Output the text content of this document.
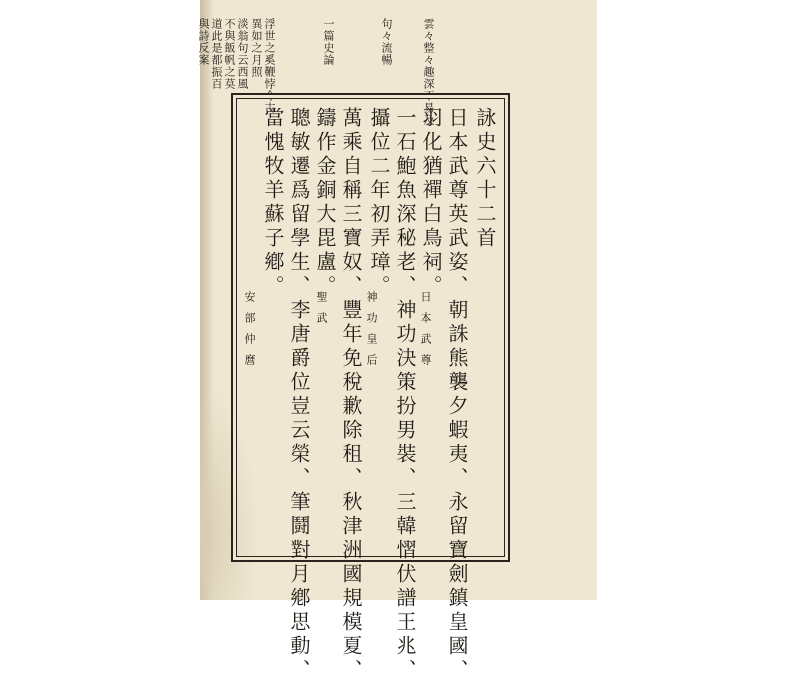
雲々整々趣深不易及
句々流暢
一篇史論
浮世之奚鞭悖今古
異如之月照
淡翁句云西風
不與飯帆之莫
道此是都振百
與詩反案
詠史六十二首
日本武尊英武姿、朝誅熊襲夕蝦夷、永留寶劍鎮皇國、
羽化猶禪白鳥祠。
日本武尊
一石鮑魚深秘老、神功決策扮男裝、三韓慴伏譜王兆、
攝位二年初弄璋。
神功皇后
萬乘自稱三寶奴、豐年免稅歉除租、秋津洲國規模夏、
鑄作金銅大毘盧。
聖武
聰敏遷爲留學生、李唐爵位豈云榮、筆鬪對月鄕思動、
當愧牧羊蘇子鄕。
安部仲麿
